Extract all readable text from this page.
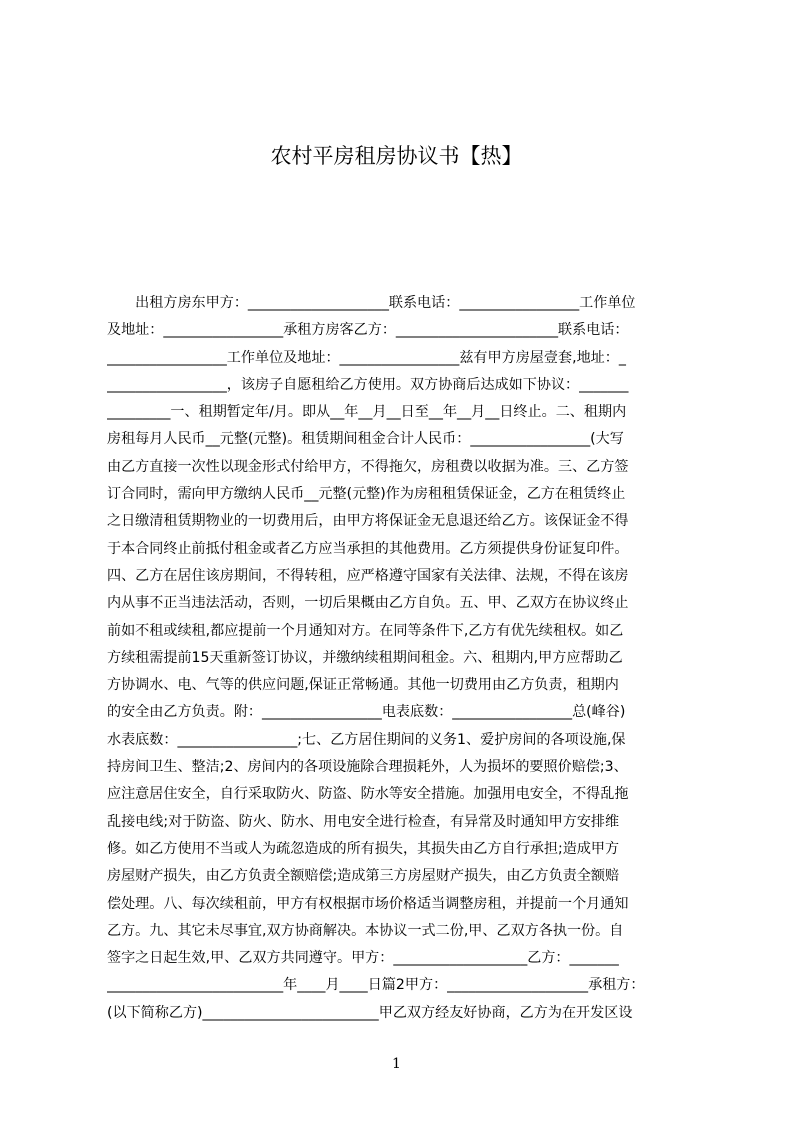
农村平房租房协议书【热】
　　出租方房东甲方：____________________联系电话：_________________工作单位
及地址：_________________承租方房客乙方：_______________________联系电话：
_________________工作单位及地址：_________________兹有甲方房屋壹套,地址：_
_________________，该房子自愿租给乙方使用。双方协商后达成如下协议：_______
_________一、租期暂定年/月。即从__年__月__日至__年__月__日终止。二、租期内
房租每月人民币__元整(元整)。租赁期间租金合计人民币：_________________(大写
由乙方直接一次性以现金形式付给甲方，不得拖欠，房租费以收据为准。三、乙方签
订合同时，需向甲方缴纳人民币__元整(元整)作为房租租赁保证金，乙方在租赁终止
之日缴清租赁期物业的一切费用后，由甲方将保证金无息退还给乙方。该保证金不得
于本合同终止前抵付租金或者乙方应当承担的其他费用。乙方须提供身份证复印件。
四、乙方在居住该房期间，不得转租，应严格遵守国家有关法律、法规，不得在该房
内从事不正当违法活动，否则，一切后果概由乙方自负。五、甲、乙双方在协议终止
前如不租或续租,都应提前一个月通知对方。在同等条件下,乙方有优先续租权。如乙
方续租需提前15天重新签订协议，并缴纳续租期间租金。六、租期内,甲方应帮助乙
方协调水、电、气等的供应问题,保证正常畅通。其他一切费用由乙方负责，租期内
的安全由乙方负责。附：_________________电表底数：_________________总(峰谷)
水表底数：_________________;七、乙方居住期间的义务1、爱护房间的各项设施,保
持房间卫生、整洁;2、房间内的各项设施除合理损耗外，人为损坏的要照价赔偿;3、
应注意居住安全，自行采取防火、防盗、防水等安全措施。加强用电安全，不得乱拖
乱接电线;对于防盗、防火、防水、用电安全进行检查，有异常及时通知甲方安排维
修。如乙方使用不当或人为疏忽造成的所有损失，其损失由乙方自行承担;造成甲方
房屋财产损失，由乙方负责全额赔偿;造成第三方房屋财产损失，由乙方负责全额赔
偿处理。八、每次续租前，甲方有权根据市场价格适当调整房租，并提前一个月通知
乙方。九、其它未尽事宜,双方协商解决。本协议一式二份,甲、乙双方各执一份。自
签字之日起生效,甲、乙双方共同遵守。甲方：___________________乙方：_______
_________________________年____月____日篇2甲方：____________________承租方：
(以下简称乙方)_________________________甲乙双方经友好协商，乙方为在开发区设
1
